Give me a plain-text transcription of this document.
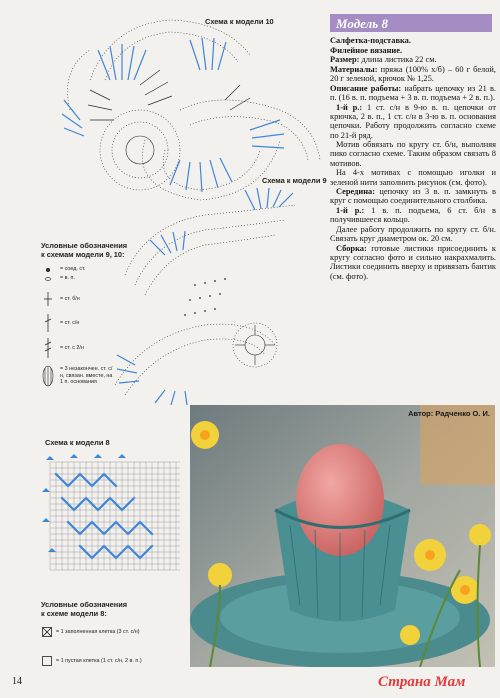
Схема к модели 10
Схема к модели 9
Условные обозначения
к схемам модели 9, 10:
= соед. ст.
= в. п.
= ст. б/н
= ст. с/н
= ст. с 2/н
= 3 незакончен. ст. с/н, связан. вместе, на 1 п. основания
Схема к модели 8
Условные обозначения
к схеме модели 8:
= 1 заполненная клетка (3 ст. с/н)
= 1 пустая клетка (1 ст. с/н, 2 в. п.)
Модель 8

Салфетка-подставка.

Филейное вязание.

Размер: длина листика 22 см.

Материалы: пряжа (100% х/б) – 60 г белой, 20 г зеленой, крючок № 1,25.

Описание работы: набрать цепочку из 21 в. п. (16 в. п. подъема + 3 в. п. подъема + 2 в. п.).

1-й р.: 1 ст. с/н в 9-ю в. п. цепочки от крючка, 2 в. п., 1 ст. с/н в 3-ю в. п. основания цепочки. Работу продолжить согласно схеме по 21-й ряд.

Мотив обвязать по кругу ст. б/н, выполняя пико согласно схеме. Таким образом связать 8 мотивов.

На 4-х мотивах с помощью иголки и зеленой нити заполнить рисунок (см. фото).

Середина: цепочку из 3 в. п. замкнуть в круг с помощью соединительного столбика.

1-й р.: 1 в. п. подъема, 6 ст. б/н в получившееся кольцо.

Далее работу продолжить по кругу ст. б/н. Связать круг диаметром ок. 20 см.

Сборка: готовые листики присоединить к кругу согласно фото и сильно накрахмалить. Листики соединить вверху и привязать бантик (см. фото).

Автор: Радченко О. И.
14	Страна Мам
